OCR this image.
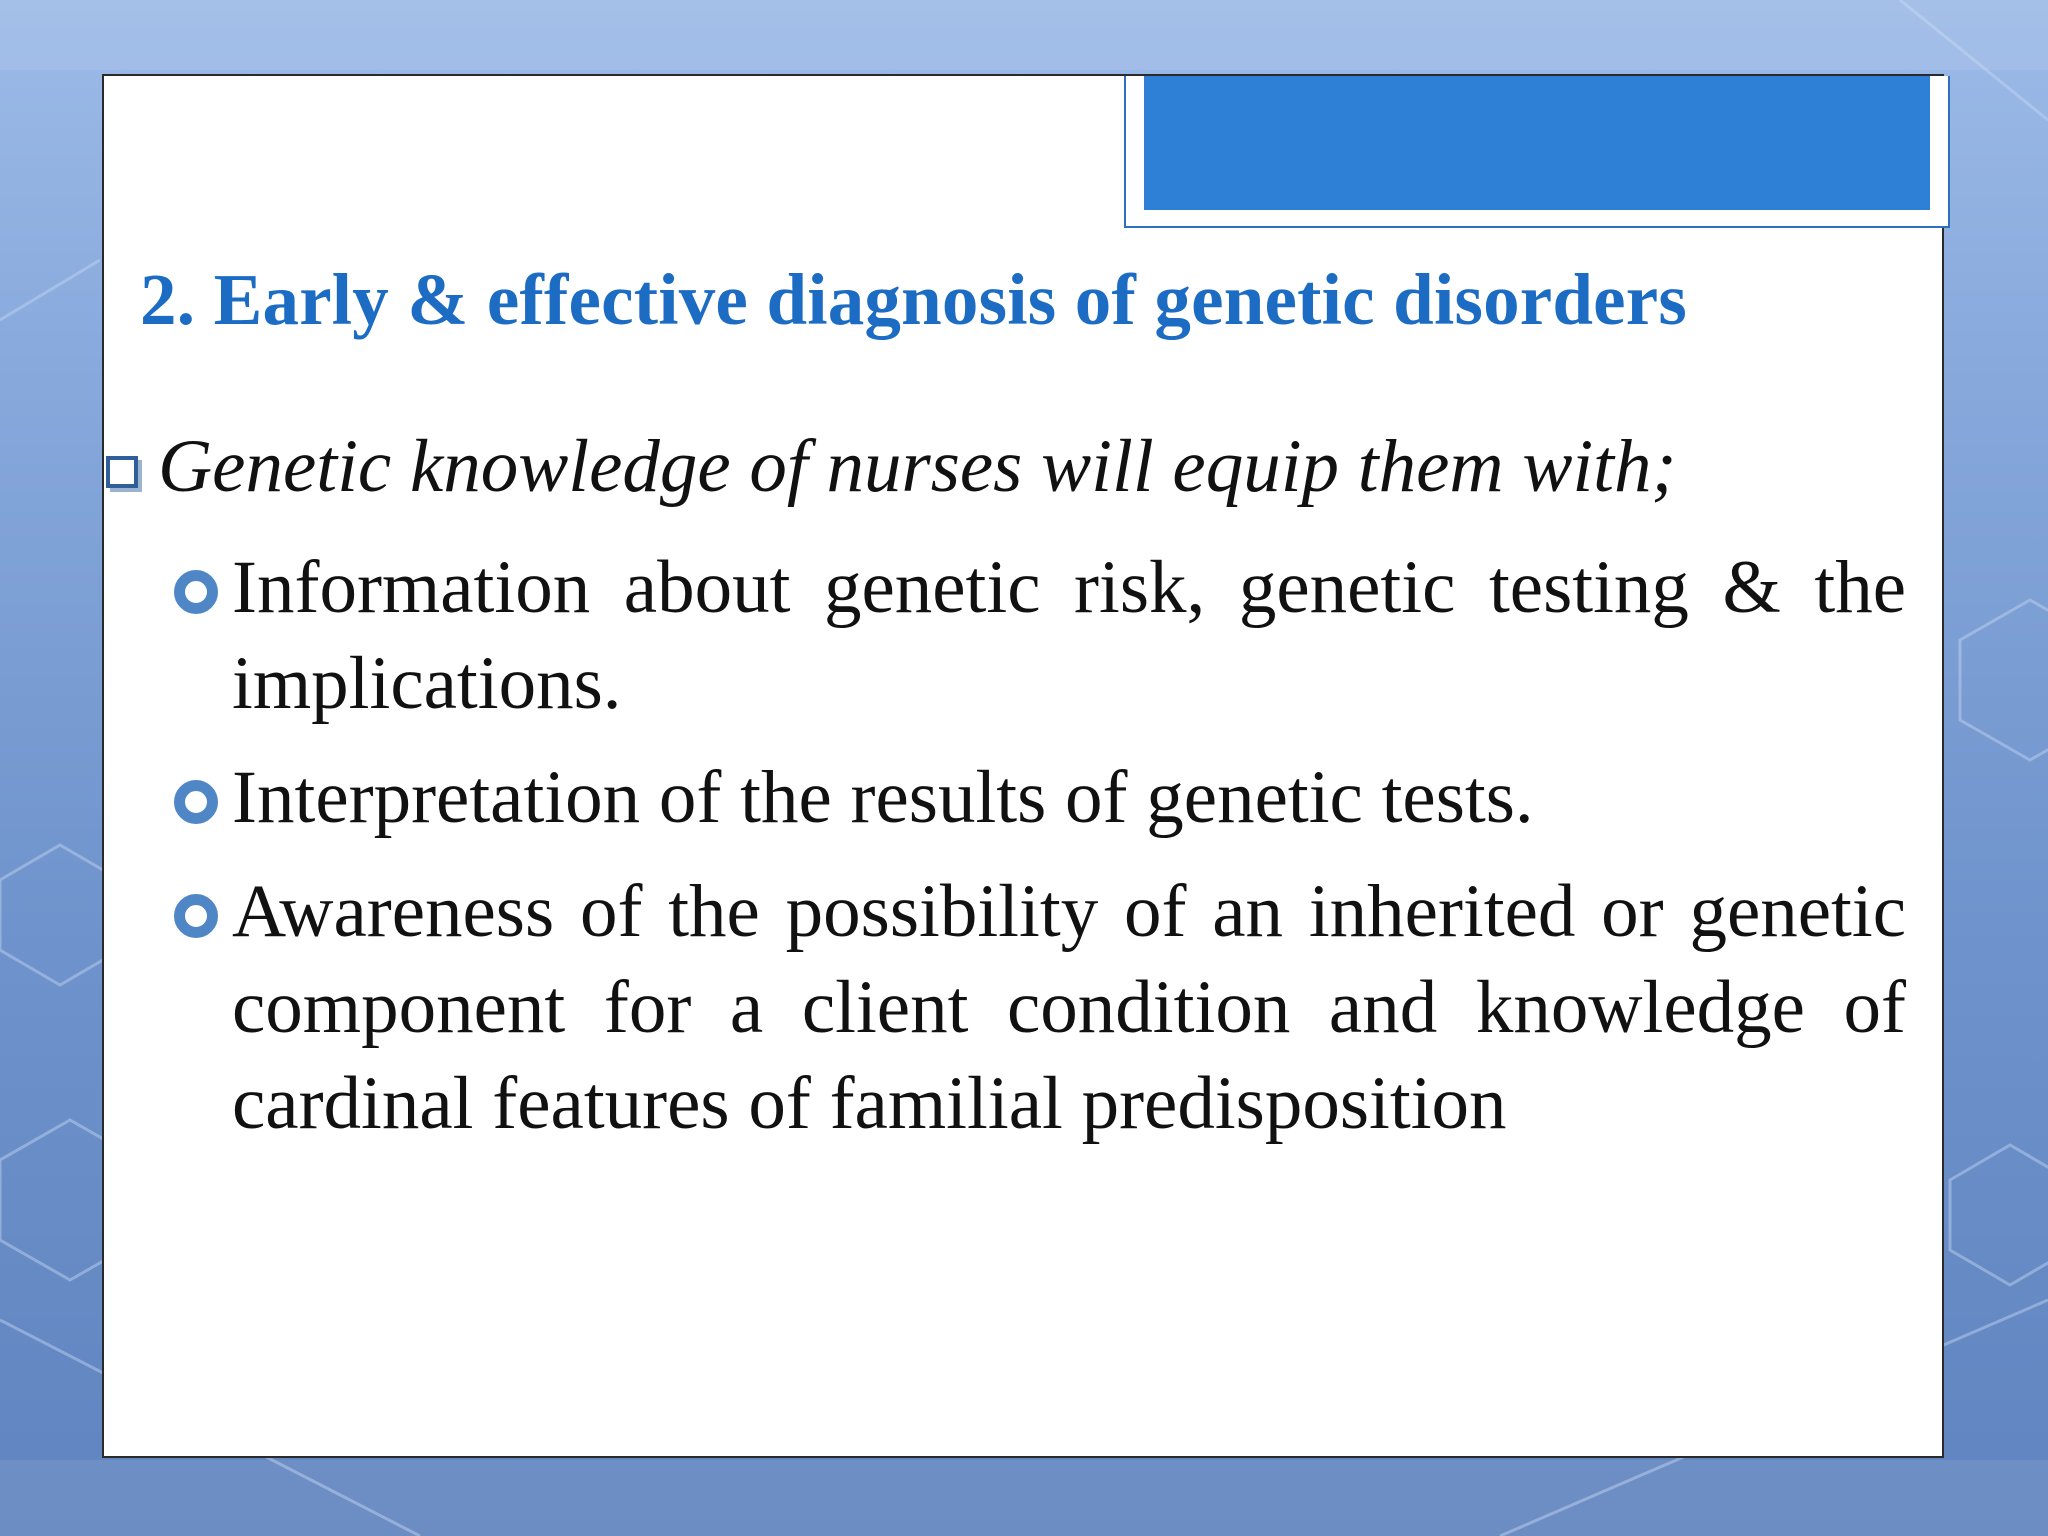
2. Early & effective diagnosis of genetic disorders
Genetic knowledge of nurses will equip them with;
Information about genetic risk, genetic testing & the implications.
Interpretation of the results of genetic tests.
Awareness of the possibility of an inherited or genetic component for a client condition and knowledge of cardinal features of familial predisposition
